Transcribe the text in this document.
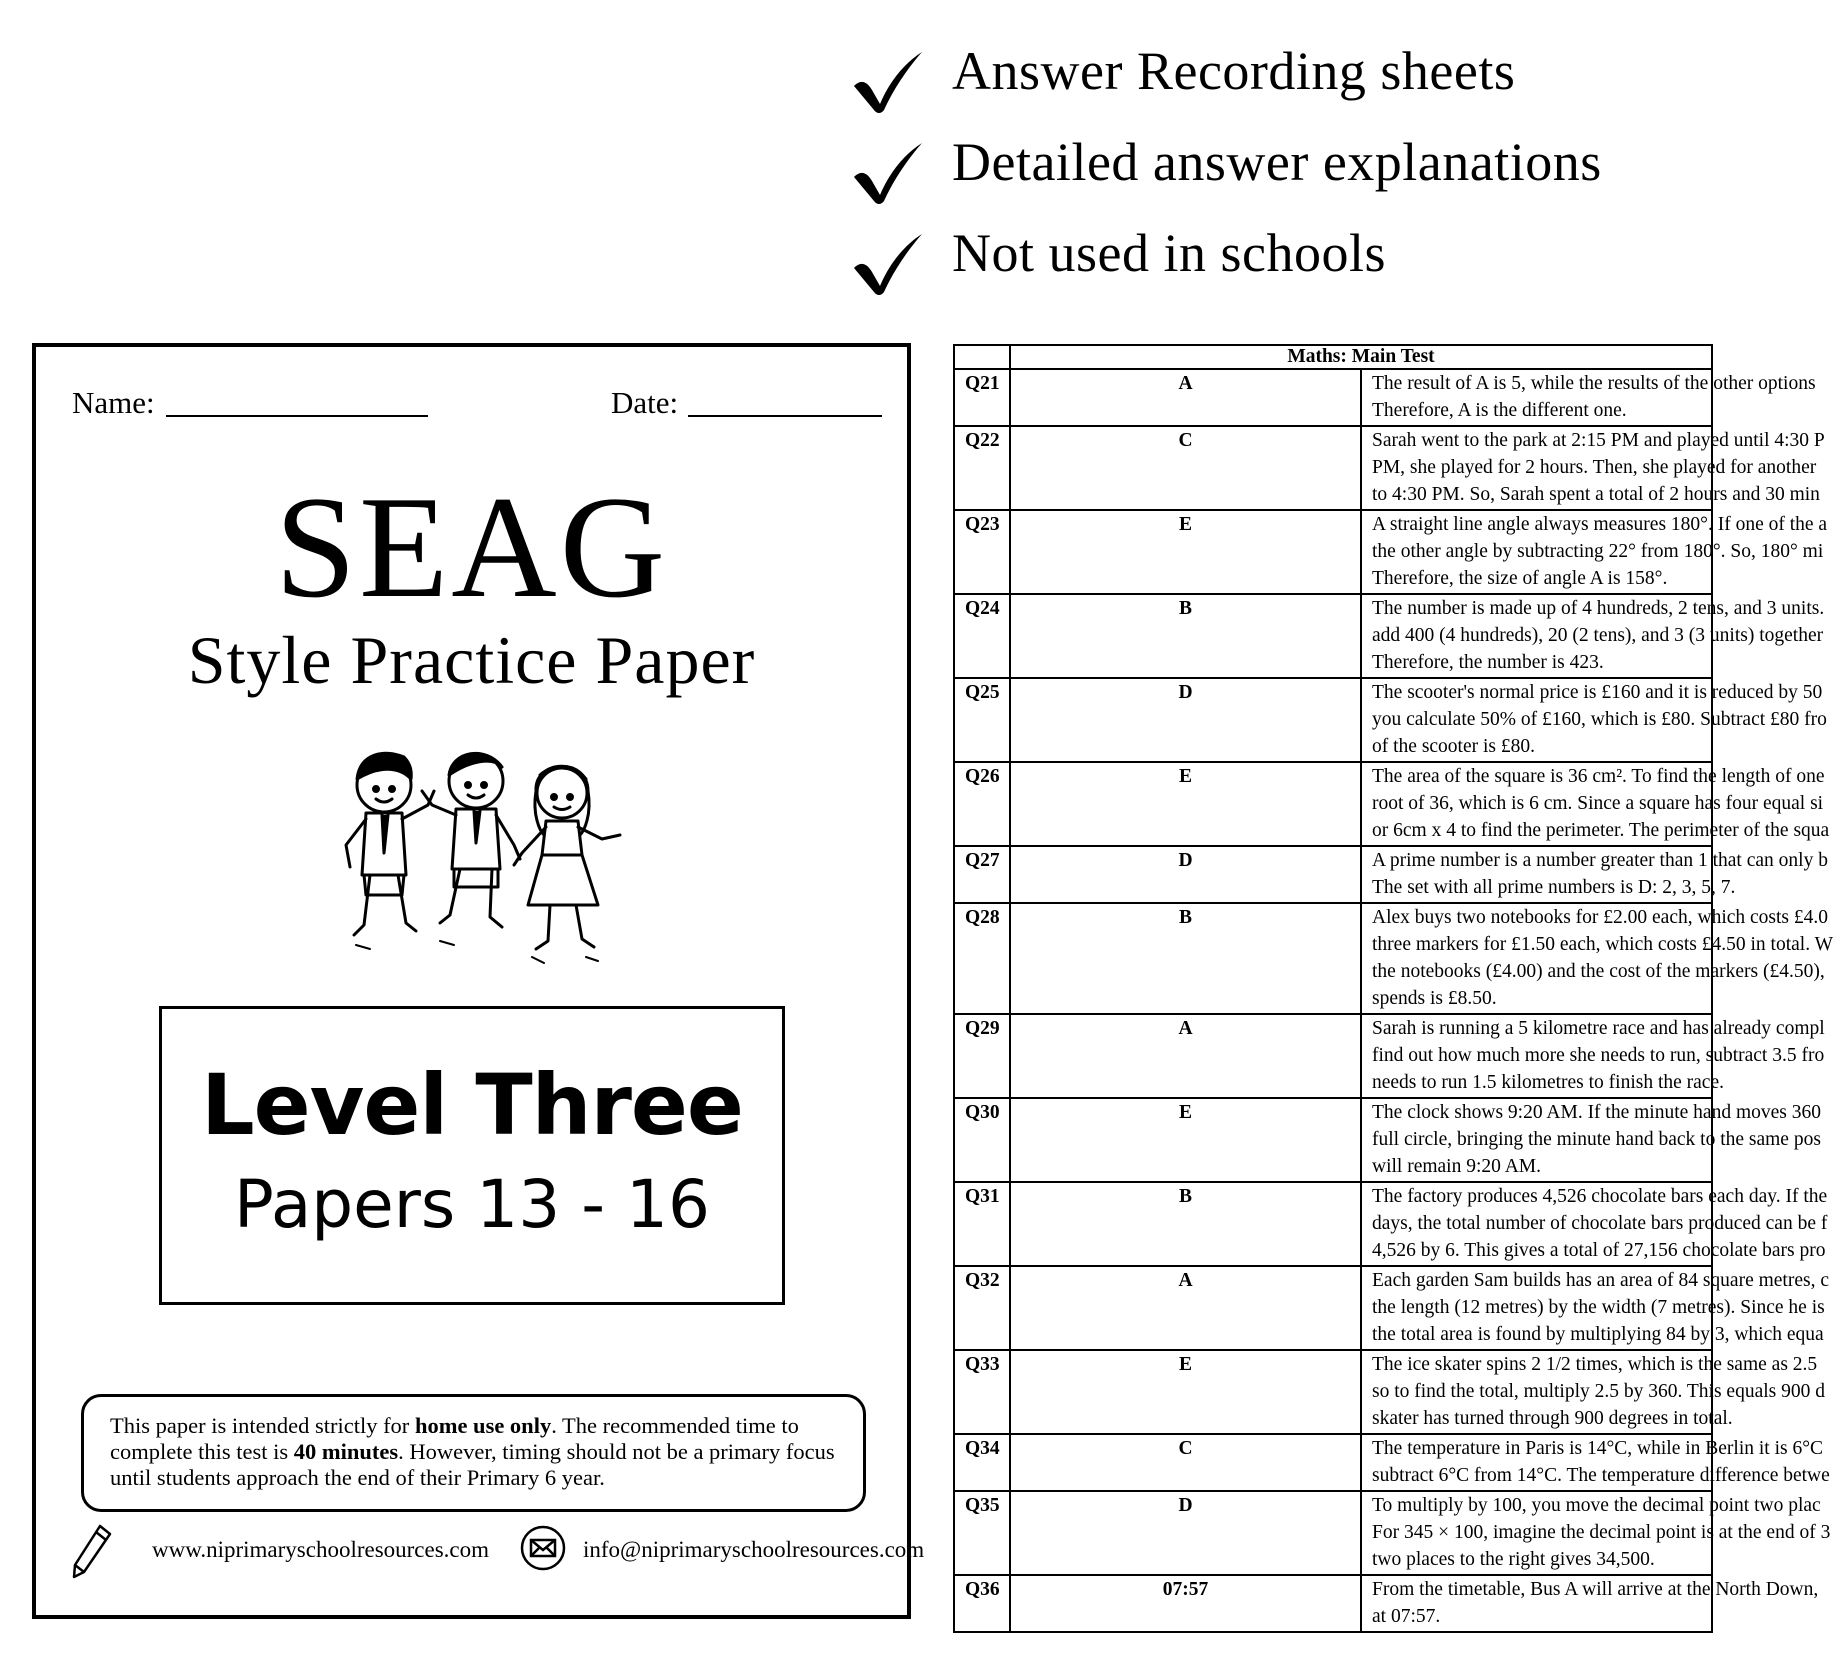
Answer Recording sheets
Detailed answer explanations
Not used in schools
Name:	Date:
SEAG
Style Practice Paper
Level Three
Papers 13 - 16
This paper is intended strictly for home use only. The recommended time to complete this test is 40 minutes. However, timing should not be a primary focus until students approach the end of their Primary 6 year.
www.niprimaryschoolresources.com	info@niprimaryschoolresources.com
	Maths: Main Test	
Q21	A	The result of A is 5, while the results of the other options
Therefore, A is the different one.

Q22	C	Sarah went to the park at 2:15 PM and played until 4:30 P
PM, she played for 2 hours. Then, she played for another
to 4:30 PM. So, Sarah spent a total of 2 hours and 30 min

Q23	E	A straight line angle always measures 180°. If one of the a
the other angle by subtracting 22° from 180°. So, 180° mi
Therefore, the size of angle A is 158°.

Q24	B	The number is made up of 4 hundreds, 2 tens, and 3 units.
add 400 (4 hundreds), 20 (2 tens), and 3 (3 units) together
Therefore, the number is 423.

Q25	D	The scooter's normal price is £160 and it is reduced by 50
you calculate 50% of £160, which is £80. Subtract £80 fro
of the scooter is £80.

Q26	E	The area of the square is 36 cm². To find the length of one
root of 36, which is 6 cm. Since a square has four equal si
or 6cm x 4 to find the perimeter. The perimeter of the squa

Q27	D	A prime number is a number greater than 1 that can only b
The set with all prime numbers is D: 2, 3, 5, 7.

Q28	B	Alex buys two notebooks for £2.00 each, which costs £4.0
three markers for £1.50 each, which costs £4.50 in total. W
the notebooks (£4.00) and the cost of the markers (£4.50),
spends is £8.50.

Q29	A	Sarah is running a 5 kilometre race and has already compl
find out how much more she needs to run, subtract 3.5 fro
needs to run 1.5 kilometres to finish the race.

Q30	E	The clock shows 9:20 AM. If the minute hand moves 360
full circle, bringing the minute hand back to the same pos
will remain 9:20 AM.

Q31	B	The factory produces 4,526 chocolate bars each day. If the
days, the total number of chocolate bars produced can be f
4,526 by 6. This gives a total of 27,156 chocolate bars pro

Q32	A	Each garden Sam builds has an area of 84 square metres, c
the length (12 metres) by the width (7 metres). Since he is
the total area is found by multiplying 84 by 3, which equa

Q33	E	The ice skater spins 2 1/2 times, which is the same as 2.5
so to find the total, multiply 2.5 by 360. This equals 900 d
skater has turned through 900 degrees in total.

Q34	C	The temperature in Paris is 14°C, while in Berlin it is 6°C
subtract 6°C from 14°C. The temperature difference betwe

Q35	D	To multiply by 100, you move the decimal point two plac
For 345 × 100, imagine the decimal point is at the end of 3
two places to the right gives 34,500.

Q36	07:57	From the timetable, Bus A will arrive at the North Down,
at 07:57.
